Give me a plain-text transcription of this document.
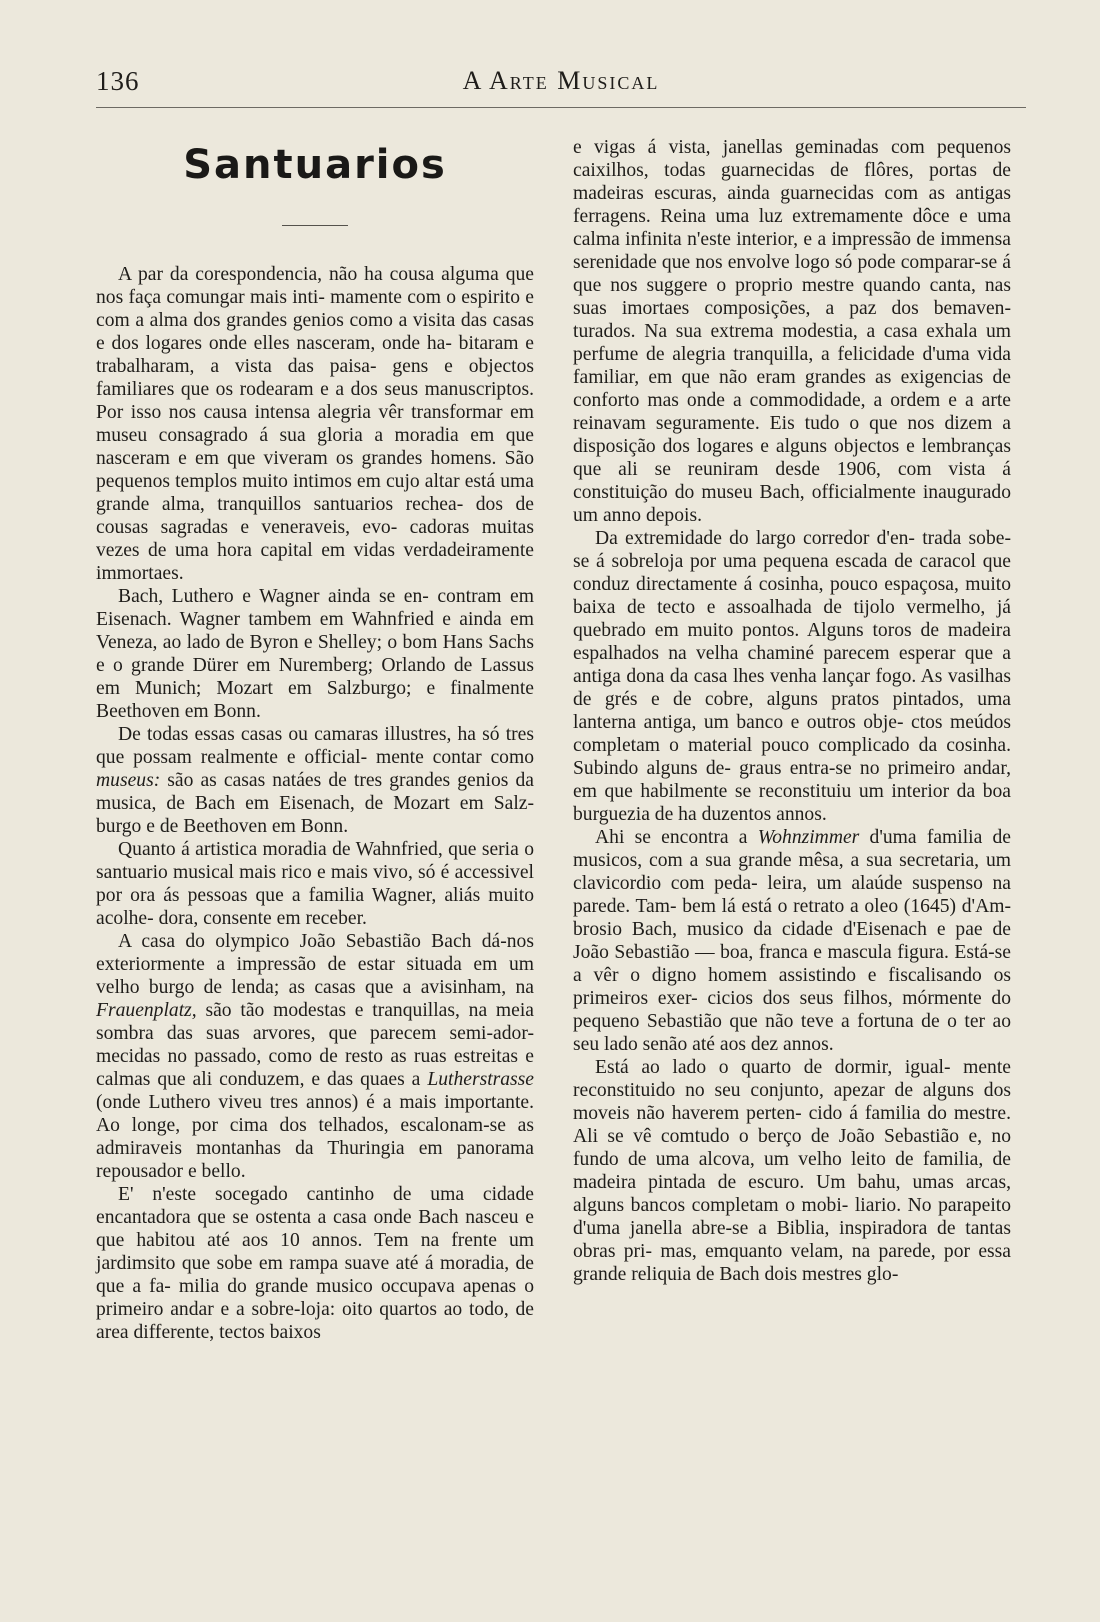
136	A Arte Musical
Santuarios

A par da corespondencia, não ha cousa alguma que nos faça comungar mais inti- mamente com o espirito e com a alma dos grandes genios como a visita das casas e dos logares onde elles nasceram, onde ha- bitaram e trabalharam, a vista das paisa- gens e objectos familiares que os rodearam e a dos seus manuscriptos. Por isso nos causa intensa alegria vêr transformar em museu consagrado á sua gloria a moradia em que nasceram e em que viveram os grandes homens. São pequenos templos muito intimos em cujo altar está uma grande alma, tranquillos santuarios rechea- dos de cousas sagradas e veneraveis, evo- cadoras muitas vezes de uma hora capital em vidas verdadeiramente immortaes.

Bach, Luthero e Wagner ainda se en- contram em Eisenach. Wagner tambem em Wahnfried e ainda em Veneza, ao lado de Byron e Shelley; o bom Hans Sachs e o grande Dürer em Nuremberg; Orlando de Lassus em Munich; Mozart em Salzburgo; e finalmente Beethoven em Bonn.

De todas essas casas ou camaras illustres, ha só tres que possam realmente e official- mente contar como museus: são as casas natáes de tres grandes genios da musica, de Bach em Eisenach, de Mozart em Salz- burgo e de Beethoven em Bonn.

Quanto á artistica moradia de Wahnfried, que seria o santuario musical mais rico e mais vivo, só é accessivel por ora ás pessoas que a familia Wagner, aliás muito acolhe- dora, consente em receber.

A casa do olympico João Sebastião Bach dá-nos exteriormente a impressão de estar situada em um velho burgo de lenda; as casas que a avisinham, na Frauenplatz, são tão modestas e tranquillas, na meia sombra das suas arvores, que parecem semi-ador- mecidas no passado, como de resto as ruas estreitas e calmas que ali conduzem, e das quaes a Lutherstrasse (onde Luthero viveu tres annos) é a mais importante. Ao longe, por cima dos telhados, escalonam-se as admiraveis montanhas da Thuringia em panorama repousador e bello.

E' n'este socegado cantinho de uma cidade encantadora que se ostenta a casa onde Bach nasceu e que habitou até aos 10 annos. Tem na frente um jardimsito que sobe em rampa suave até á moradia, de que a fa- milia do grande musico occupava apenas o primeiro andar e a sobre-loja: oito quartos ao todo, de area differente, tectos baixos

e vigas á vista, janellas geminadas com pequenos caixilhos, todas guarnecidas de flôres, portas de madeiras escuras, ainda guarnecidas com as antigas ferragens. Reina uma luz extremamente dôce e uma calma infinita n'este interior, e a impressão de immensa serenidade que nos envolve logo só pode comparar-se á que nos suggere o proprio mestre quando canta, nas suas imortaes composições, a paz dos bemaven- turados. Na sua extrema modestia, a casa exhala um perfume de alegria tranquilla, a felicidade d'uma vida familiar, em que não eram grandes as exigencias de conforto mas onde a commodidade, a ordem e a arte reinavam seguramente. Eis tudo o que nos dizem a disposição dos logares e alguns objectos e lembranças que ali se reuniram desde 1906, com vista á constituição do museu Bach, officialmente inaugurado um anno depois.

Da extremidade do largo corredor d'en- trada sobe-se á sobreloja por uma pequena escada de caracol que conduz directamente á cosinha, pouco espaçosa, muito baixa de tecto e assoalhada de tijolo vermelho, já quebrado em muito pontos. Alguns toros de madeira espalhados na velha chaminé parecem esperar que a antiga dona da casa lhes venha lançar fogo. As vasilhas de grés e de cobre, alguns pratos pintados, uma lanterna antiga, um banco e outros obje- ctos meúdos completam o material pouco complicado da cosinha. Subindo alguns de- graus entra-se no primeiro andar, em que habilmente se reconstituiu um interior da boa burguezia de ha duzentos annos.

Ahi se encontra a Wohnzimmer d'uma familia de musicos, com a sua grande mêsa, a sua secretaria, um clavicordio com peda- leira, um alaúde suspenso na parede. Tam- bem lá está o retrato a oleo (1645) d'Am- brosio Bach, musico da cidade d'Eisenach e pae de João Sebastião — boa, franca e mascula figura. Está-se a vêr o digno homem assistindo e fiscalisando os primeiros exer- cicios dos seus filhos, mórmente do pequeno Sebastião que não teve a fortuna de o ter ao seu lado senão até aos dez annos.

Está ao lado o quarto de dormir, igual- mente reconstituido no seu conjunto, apezar de alguns dos moveis não haverem perten- cido á familia do mestre. Ali se vê comtudo o berço de João Sebastião e, no fundo de uma alcova, um velho leito de familia, de madeira pintada de escuro. Um bahu, umas arcas, alguns bancos completam o mobi- liario. No parapeito d'uma janella abre-se a Biblia, inspiradora de tantas obras pri- mas, emquanto velam, na parede, por essa grande reliquia de Bach dois mestres glo-
